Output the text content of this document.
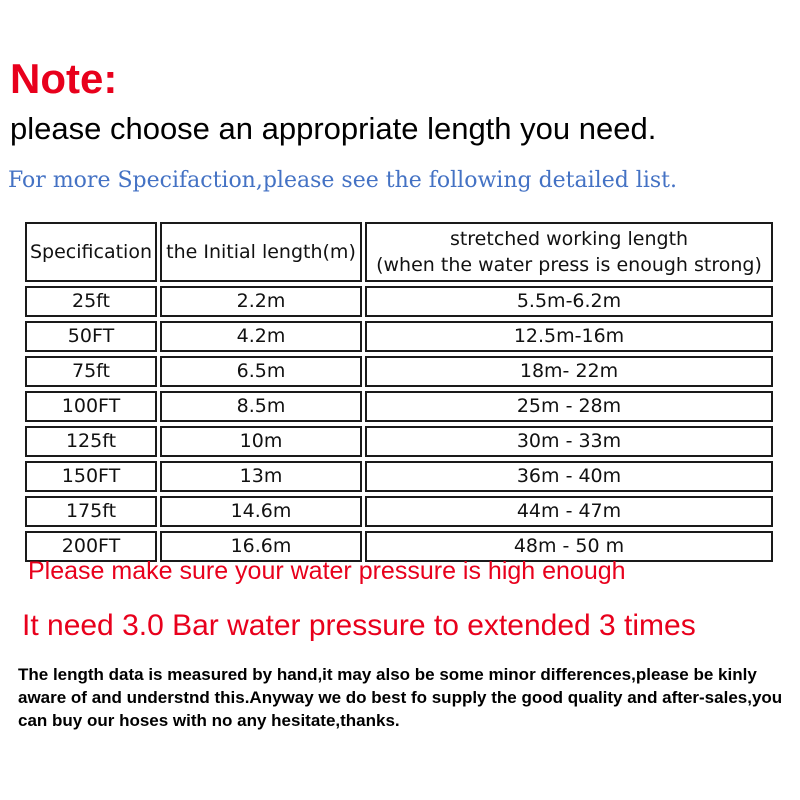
Note:

please choose an appropriate length you need.

For more Specifaction,please see the following detailed list.

Specification	the Initial length(m)	stretched working length
(when the water press is enough strong)

25ft	2.2m	5.5m-6.2m
50FT	4.2m	12.5m-16m
75ft	6.5m	18m- 22m
100FT	8.5m	25m - 28m
125ft	10m	30m - 33m
150FT	13m	36m - 40m
175ft	14.6m	44m - 47m
200FT	16.6m	48m - 50 m

Please make sure your water pressure is high enough

It need 3.0 Bar water pressure to extended 3 times

The length data is measured by hand,it may also be some minor differences,please be kinly aware of and understnd this.Anyway we do best fo supply the good quality and after-sales,you can buy our hoses with no any hesitate,thanks.
